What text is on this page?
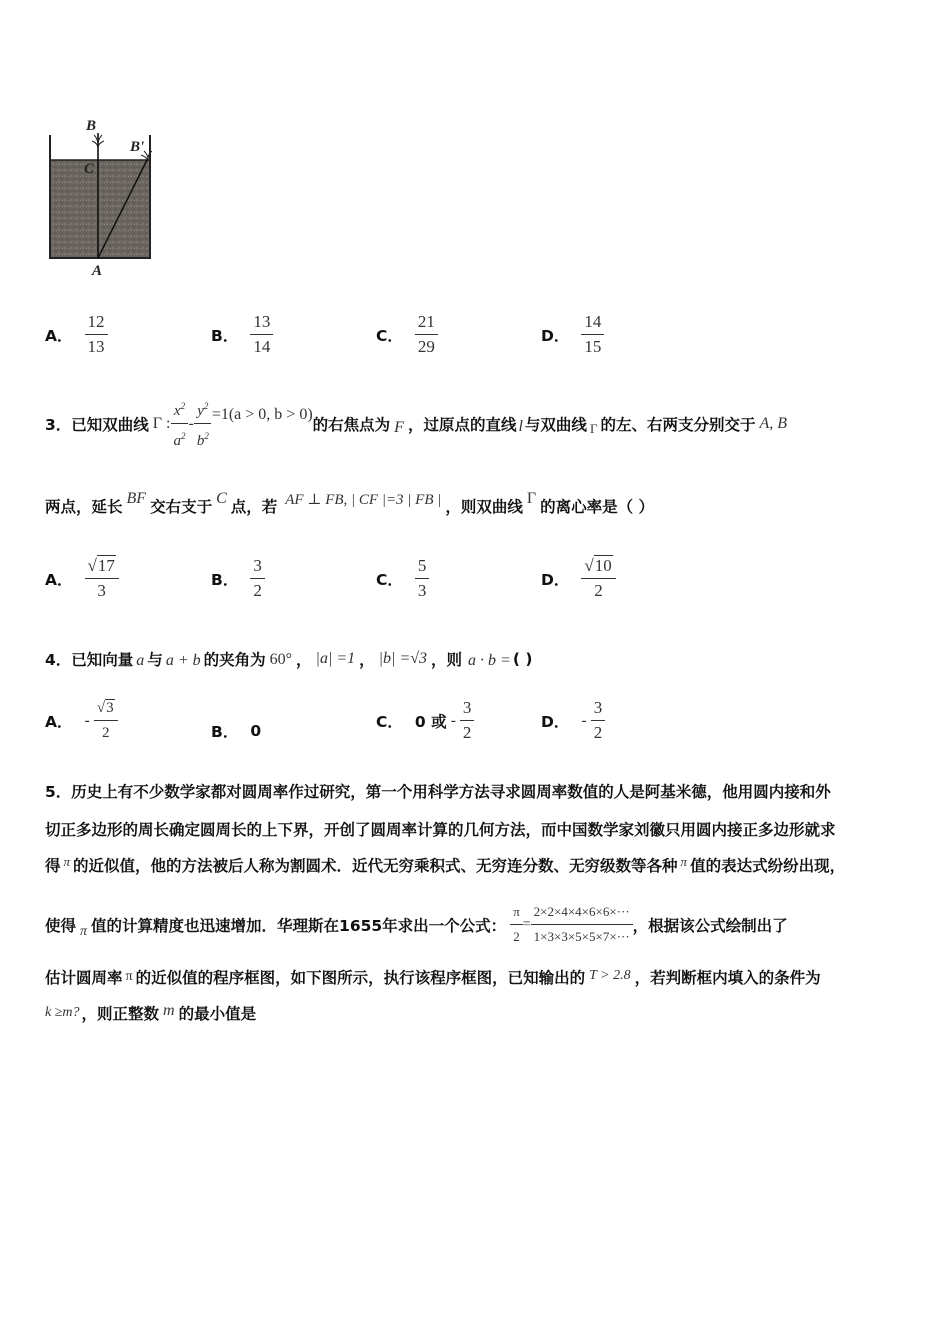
B
C
B'
A
A． $\frac{12}{13}$	B． $\frac{13}{14}$	C． $\frac{21}{29}$	D． $\frac{14}{15}$
3．已知双曲线 Γ : $\frac{x^2}{a^2} - \frac{y^2}{b^2} =1(a > 0$, b > 0)
的右焦点为 F ，过原点的直线 l 与双曲线 Γ 的左、右两支分别交于 A, B
两点，延长 BF 交右支于 C 点，若 AF ⊥ FB, | CF |=3 | FB | ，则双曲线 Γ 的离心率是（ ）
A． $\frac{√17}{3}$	B． $\frac{3}{2}$	C． $\frac{5}{3}$	D． $\frac{√10}{2}$
4．已知向量 a 与 a + b 的夹角为 60° ， |a| =1 ， |b| =√3 ，则 a · b = ( )
A． - $\frac{√3}{2}$	B． 0
C． 0 或 - $\frac{3}{2}$	D． - $\frac{3}{2}$
5．历史上有不少数学家都对圆周率作过研究，第一个用科学方法寻求圆周率数值的人是阿基米德，他用圆内接和外
切正多边形的周长确定圆周长的上下界，开创了圆周率计算的几何方法，而中国数学家刘徽只用圆内接正多边形就求
得 π 的近似值，他的方法被后人称为割圆术．近代无穷乘积式、无穷连分数、无穷级数等各种 π 值的表达式纷纷出现，
使得 π 值的计算精度也迅速增加．华理斯在1655年求出一个公式： $\frac{\pi}{2} = \frac{2\times 2\times 4\times 4\times 6\times 6\times\cdot\cdot\cdot}{1\times 3\times 3\times 5\times 5\times 7\times\cdot\cdot\cdot}$ ，根据该公式绘制出了
估计圆周率 π 的近似值的程序框图，如下图所示，执行该程序框图，已知输出的 T > 2.8 ，若判断框内填入的条件为
k ≥m? ，则正整数 m 的最小值是
